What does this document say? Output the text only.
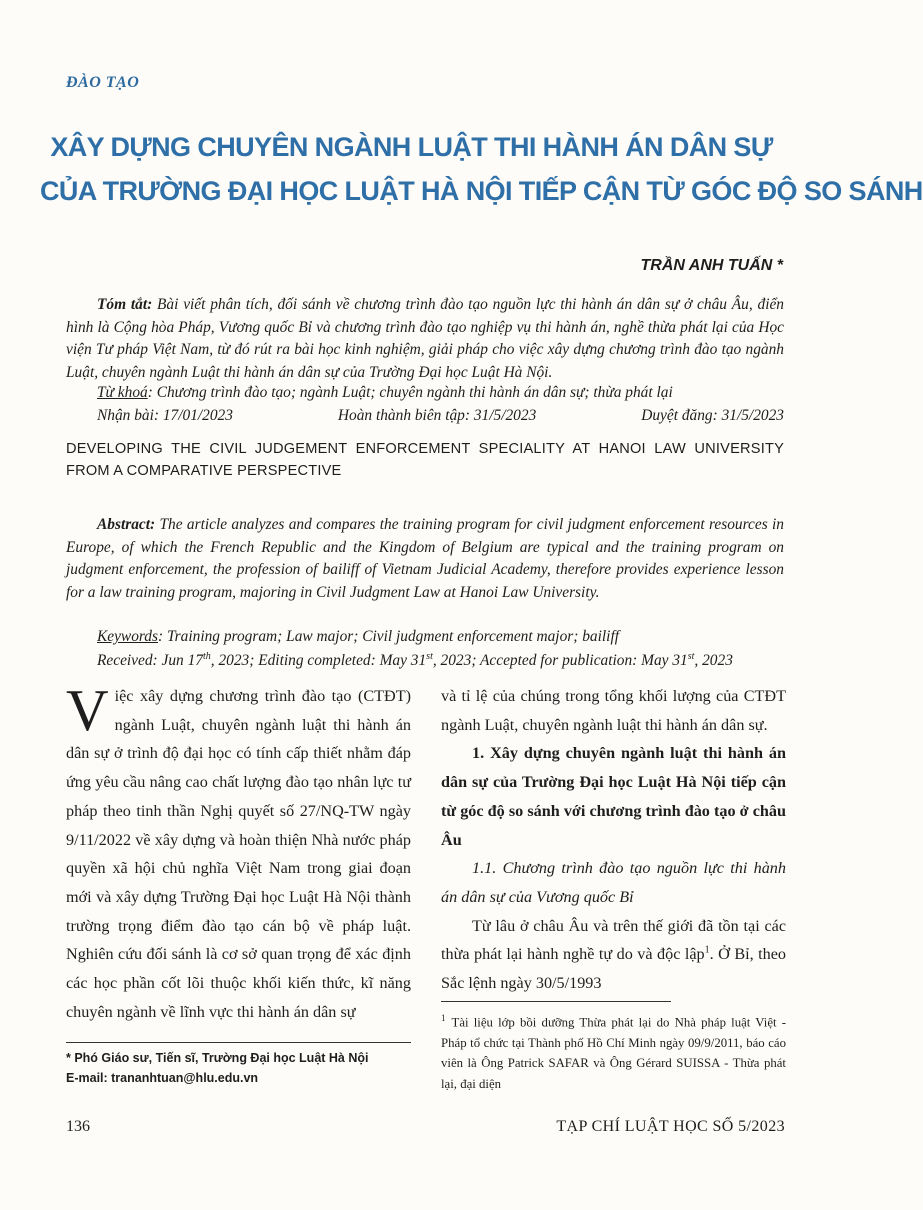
ĐÀO TẠO
XÂY DỰNG CHUYÊN NGÀNH LUẬT THI HÀNH ÁN DÂN SỰ
CỦA TRƯỜNG ĐẠI HỌC LUẬT HÀ NỘI TIẾP CẬN TỪ GÓC ĐỘ SO SÁNH
TRẦN ANH TUẤN *
Tóm tắt: Bài viết phân tích, đối sánh về chương trình đào tạo nguồn lực thi hành án dân sự ở châu Âu, điển hình là Cộng hòa Pháp, Vương quốc Bỉ và chương trình đào tạo nghiệp vụ thi hành án, nghề thừa phát lại của Học viện Tư pháp Việt Nam, từ đó rút ra bài học kinh nghiệm, giải pháp cho việc xây dựng chương trình đào tạo ngành Luật, chuyên ngành Luật thi hành án dân sự của Trường Đại học Luật Hà Nội.
Từ khoá: Chương trình đào tạo; ngành Luật; chuyên ngành thi hành án dân sự; thừa phát lại
Nhận bài: 17/01/2023	Hoàn thành biên tập: 31/5/2023	Duyệt đăng: 31/5/2023
DEVELOPING THE CIVIL JUDGEMENT ENFORCEMENT SPECIALITY AT HANOI LAW UNIVERSITY FROM A COMPARATIVE PERSPECTIVE
Abstract: The article analyzes and compares the training program for civil judgment enforcement resources in Europe, of which the French Republic and the Kingdom of Belgium are typical and the training program on judgment enforcement, the profession of bailiff of Vietnam Judicial Academy, therefore provides experience lesson for a law training program, majoring in Civil Judgment Law at Hanoi Law University.
Keywords: Training program; Law major; Civil judgment enforcement major; bailiff
Received: Jun 17th, 2023; Editing completed: May 31st, 2023; Accepted for publication: May 31st, 2023
Việc xây dựng chương trình đào tạo (CTĐT) ngành Luật, chuyên ngành luật thi hành án dân sự ở trình độ đại học có tính cấp thiết nhằm đáp ứng yêu cầu nâng cao chất lượng đào tạo nhân lực tư pháp theo tinh thần Nghị quyết số 27/NQ-TW ngày 9/11/2022 về xây dựng và hoàn thiện Nhà nước pháp quyền xã hội chủ nghĩa Việt Nam trong giai đoạn mới và xây dựng Trường Đại học Luật Hà Nội thành trường trọng điểm đào tạo cán bộ về pháp luật. Nghiên cứu đối sánh là cơ sở quan trọng để xác định các học phần cốt lõi thuộc khối kiến thức, kĩ năng chuyên ngành về lĩnh vực thi hành án dân sự
và tỉ lệ của chúng trong tổng khối lượng của CTĐT ngành Luật, chuyên ngành luật thi hành án dân sự.
1. Xây dựng chuyên ngành luật thi hành án dân sự của Trường Đại học Luật Hà Nội tiếp cận từ góc độ so sánh với chương trình đào tạo ở châu Âu
1.1. Chương trình đào tạo nguồn lực thi hành án dân sự của Vương quốc Bỉ
Từ lâu ở châu Âu và trên thế giới đã tồn tại các thừa phát lại hành nghề tự do và độc lập$^1$. Ở Bỉ, theo Sắc lệnh ngày 30/5/1993
* Phó Giáo sư, Tiến sĩ, Trường Đại học Luật Hà Nội
E-mail: trananhtuan@hlu.edu.vn
$^1$ Tài liệu lớp bồi dưỡng Thừa phát lại do Nhà pháp luật Việt - Pháp tổ chức tại Thành phố Hồ Chí Minh ngày 09/9/2011, báo cáo viên là Ông Patrick SAFAR và Ông Gérard SUISSA - Thừa phát lại, đại diện
136	TẠP CHÍ LUẬT HỌC SỐ 5/2023
